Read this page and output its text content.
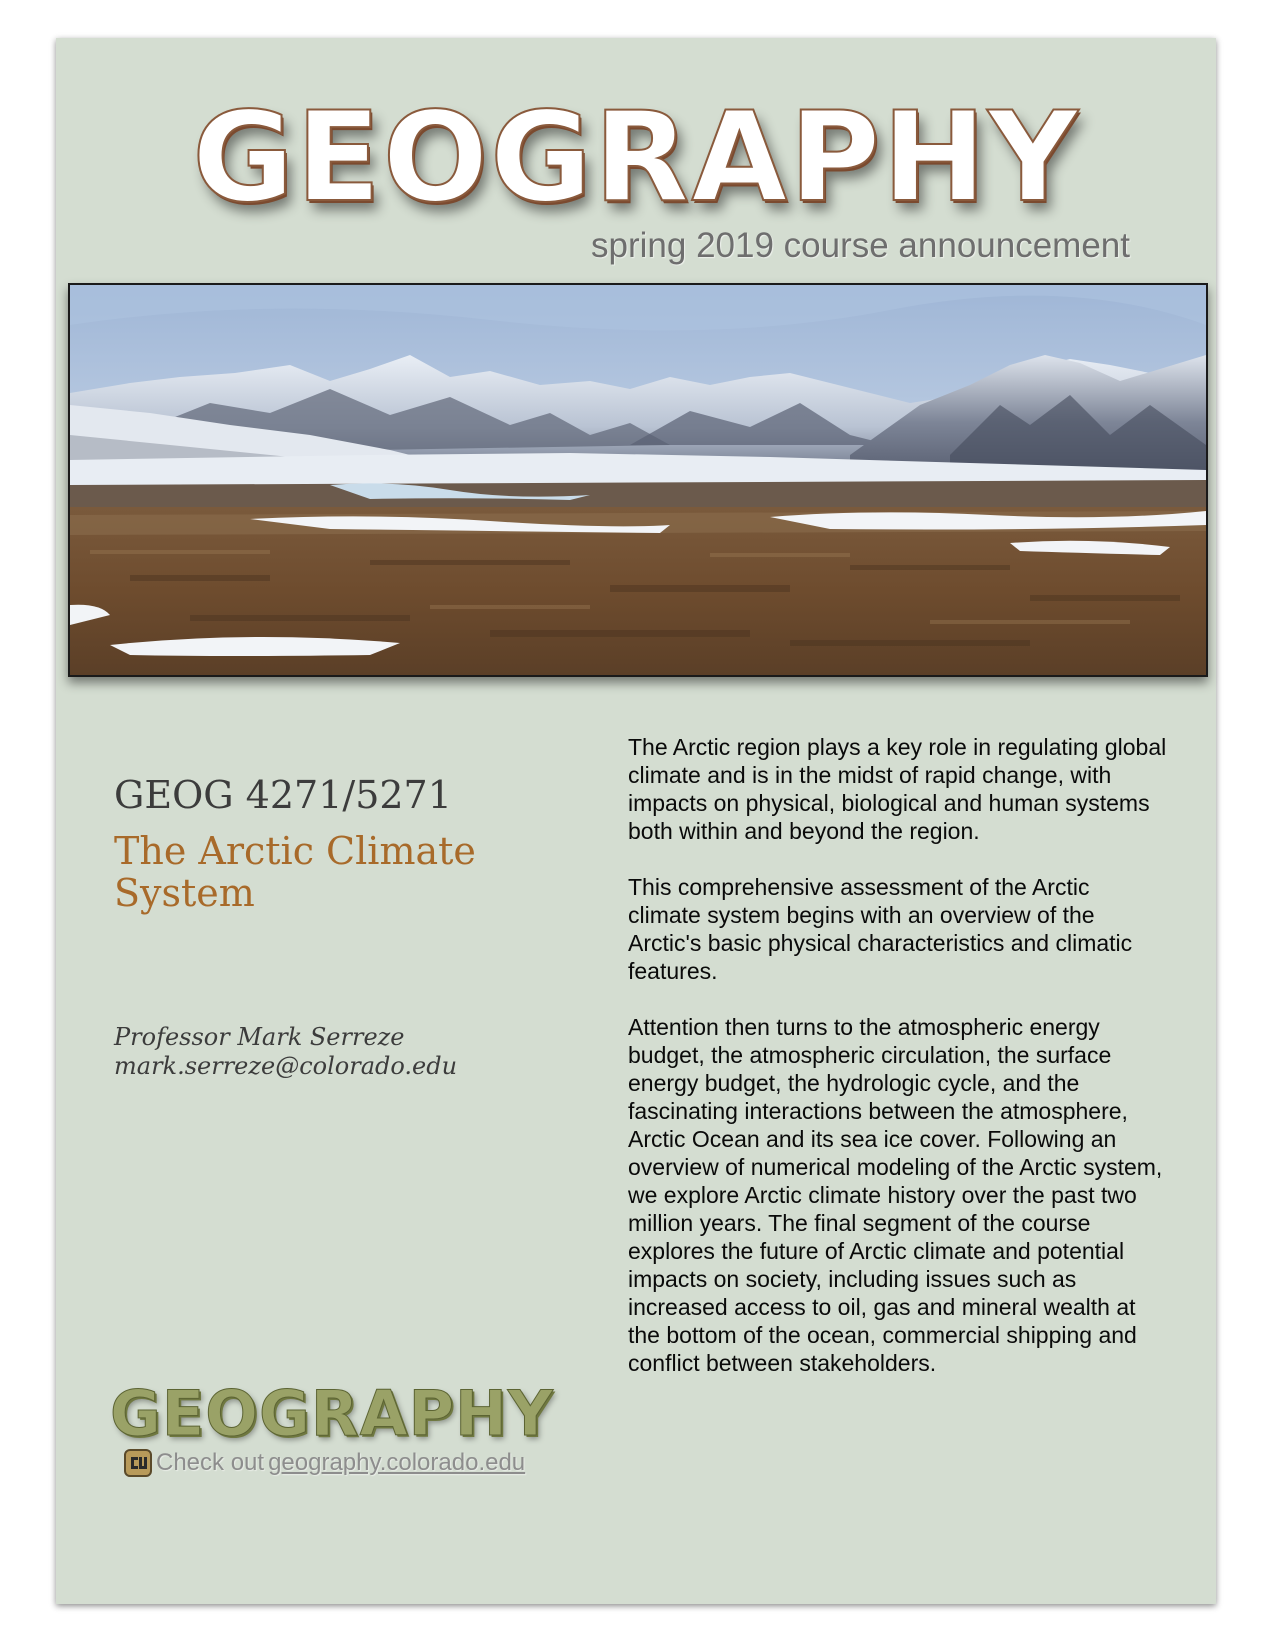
GEOGRAPHY
spring 2019 course announcement
GEOG 4271/5271
The Arctic Climate System
Professor Mark Serreze
mark.serreze@colorado.edu

The Arctic region plays a key role in regulating global climate and is in the midst of rapid change, with impacts on physical, biological and human systems both within and beyond the region.

This comprehensive assessment of the Arctic climate system begins with an overview of the Arctic's basic physical characteristics and climatic features.

Attention then turns to the atmospheric energy budget, the atmospheric circulation, the surface energy budget, the hydrologic cycle, and the fascinating interactions between the atmosphere, Arctic Ocean and its sea ice cover. Following an overview of numerical modeling of the Arctic system, we explore Arctic climate history over the past two million years. The final segment of the course explores the future of Arctic climate and potential impacts on society, including issues such as increased access to oil, gas and mineral wealth at the bottom of the ocean, commercial shipping and conflict between stakeholders.

GEOGRAPHY
Check out geography.colorado.edu
